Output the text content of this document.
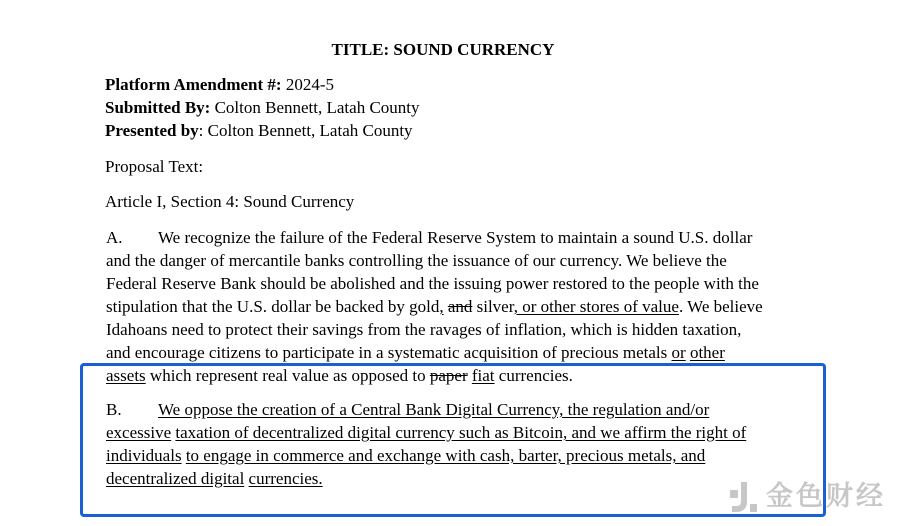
TITLE: SOUND CURRENCY
Platform Amendment #: 2024-5
Submitted By: Colton Bennett, Latah County
Presented by: Colton Bennett, Latah County
Proposal Text:
Article I, Section 4: Sound Currency
A. We recognize the failure of the Federal Reserve System to maintain a sound U.S. dollar
and the danger of mercantile banks controlling the issuance of our currency. We believe the
Federal Reserve Bank should be abolished and the issuing power restored to the people with the
stipulation that the U.S. dollar be backed by gold, and silver, or other stores of value. We believe
Idahoans need to protect their savings from the ravages of inflation, which is hidden taxation,
and encourage citizens to participate in a systematic acquisition of precious metals or other
assets which represent real value as opposed to paper fiat currencies.
B. We oppose the creation of a Central Bank Digital Currency, the regulation and/or
excessive taxation of decentralized digital currency such as Bitcoin, and we affirm the right of
individuals to engage in commerce and exchange with cash, barter, precious metals, and
decentralized digital currencies.
金色财经
